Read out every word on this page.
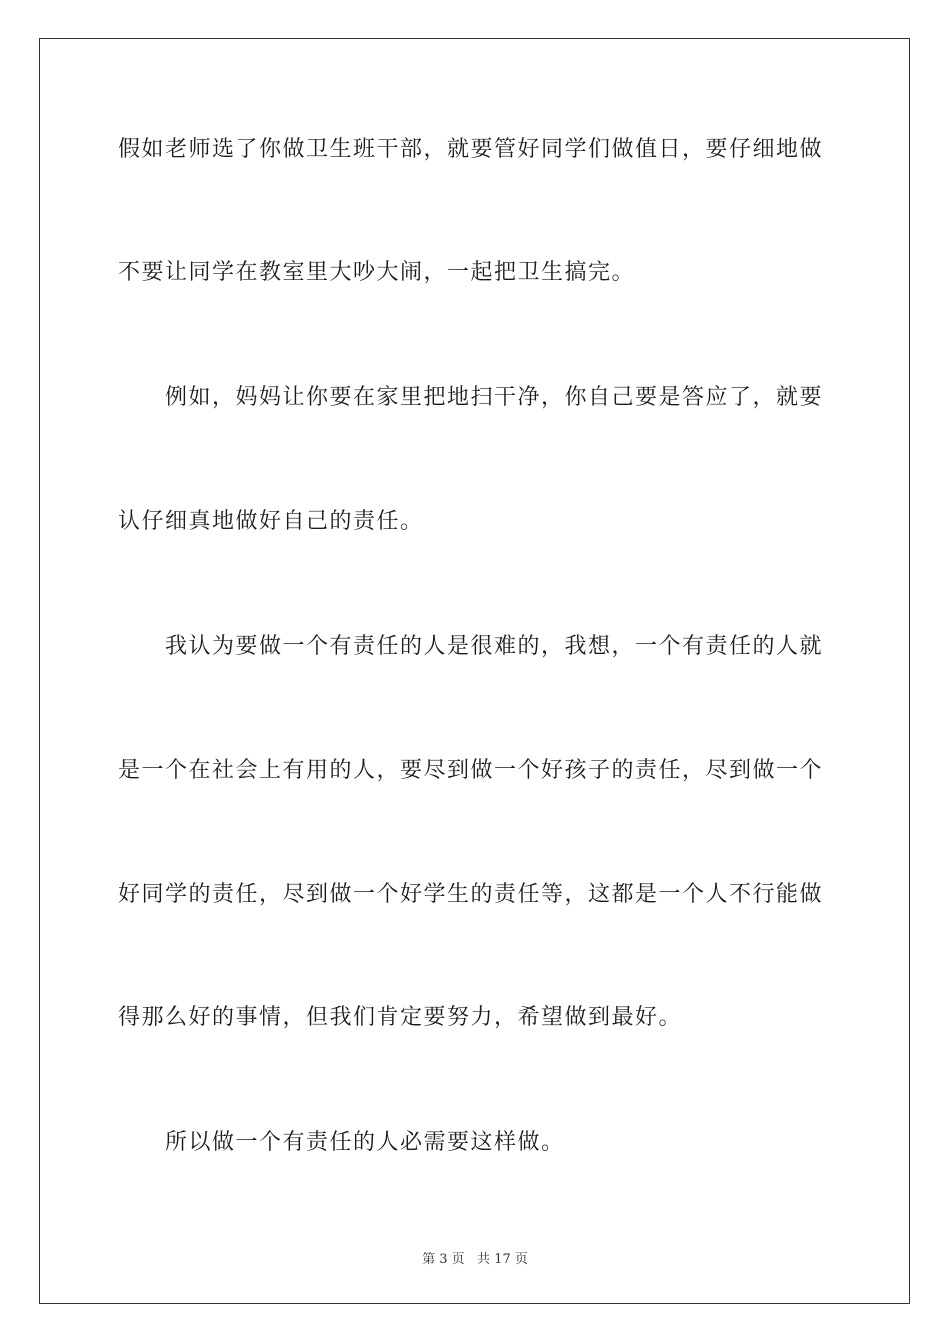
假如老师选了你做卫生班干部，就要管好同学们做值日，要仔细地做
不要让同学在教室里大吵大闹，一起把卫生搞完。
例如，妈妈让你要在家里把地扫干净，你自己要是答应了，就要
认仔细真地做好自己的责任。
我认为要做一个有责任的人是很难的，我想，一个有责任的人就
是一个在社会上有用的人，要尽到做一个好孩子的责任，尽到做一个
好同学的责任，尽到做一个好学生的责任等，这都是一个人不行能做
得那么好的事情，但我们肯定要努力，希望做到最好。
所以做一个有责任的人必需要这样做。
第 3 页   共 17 页
